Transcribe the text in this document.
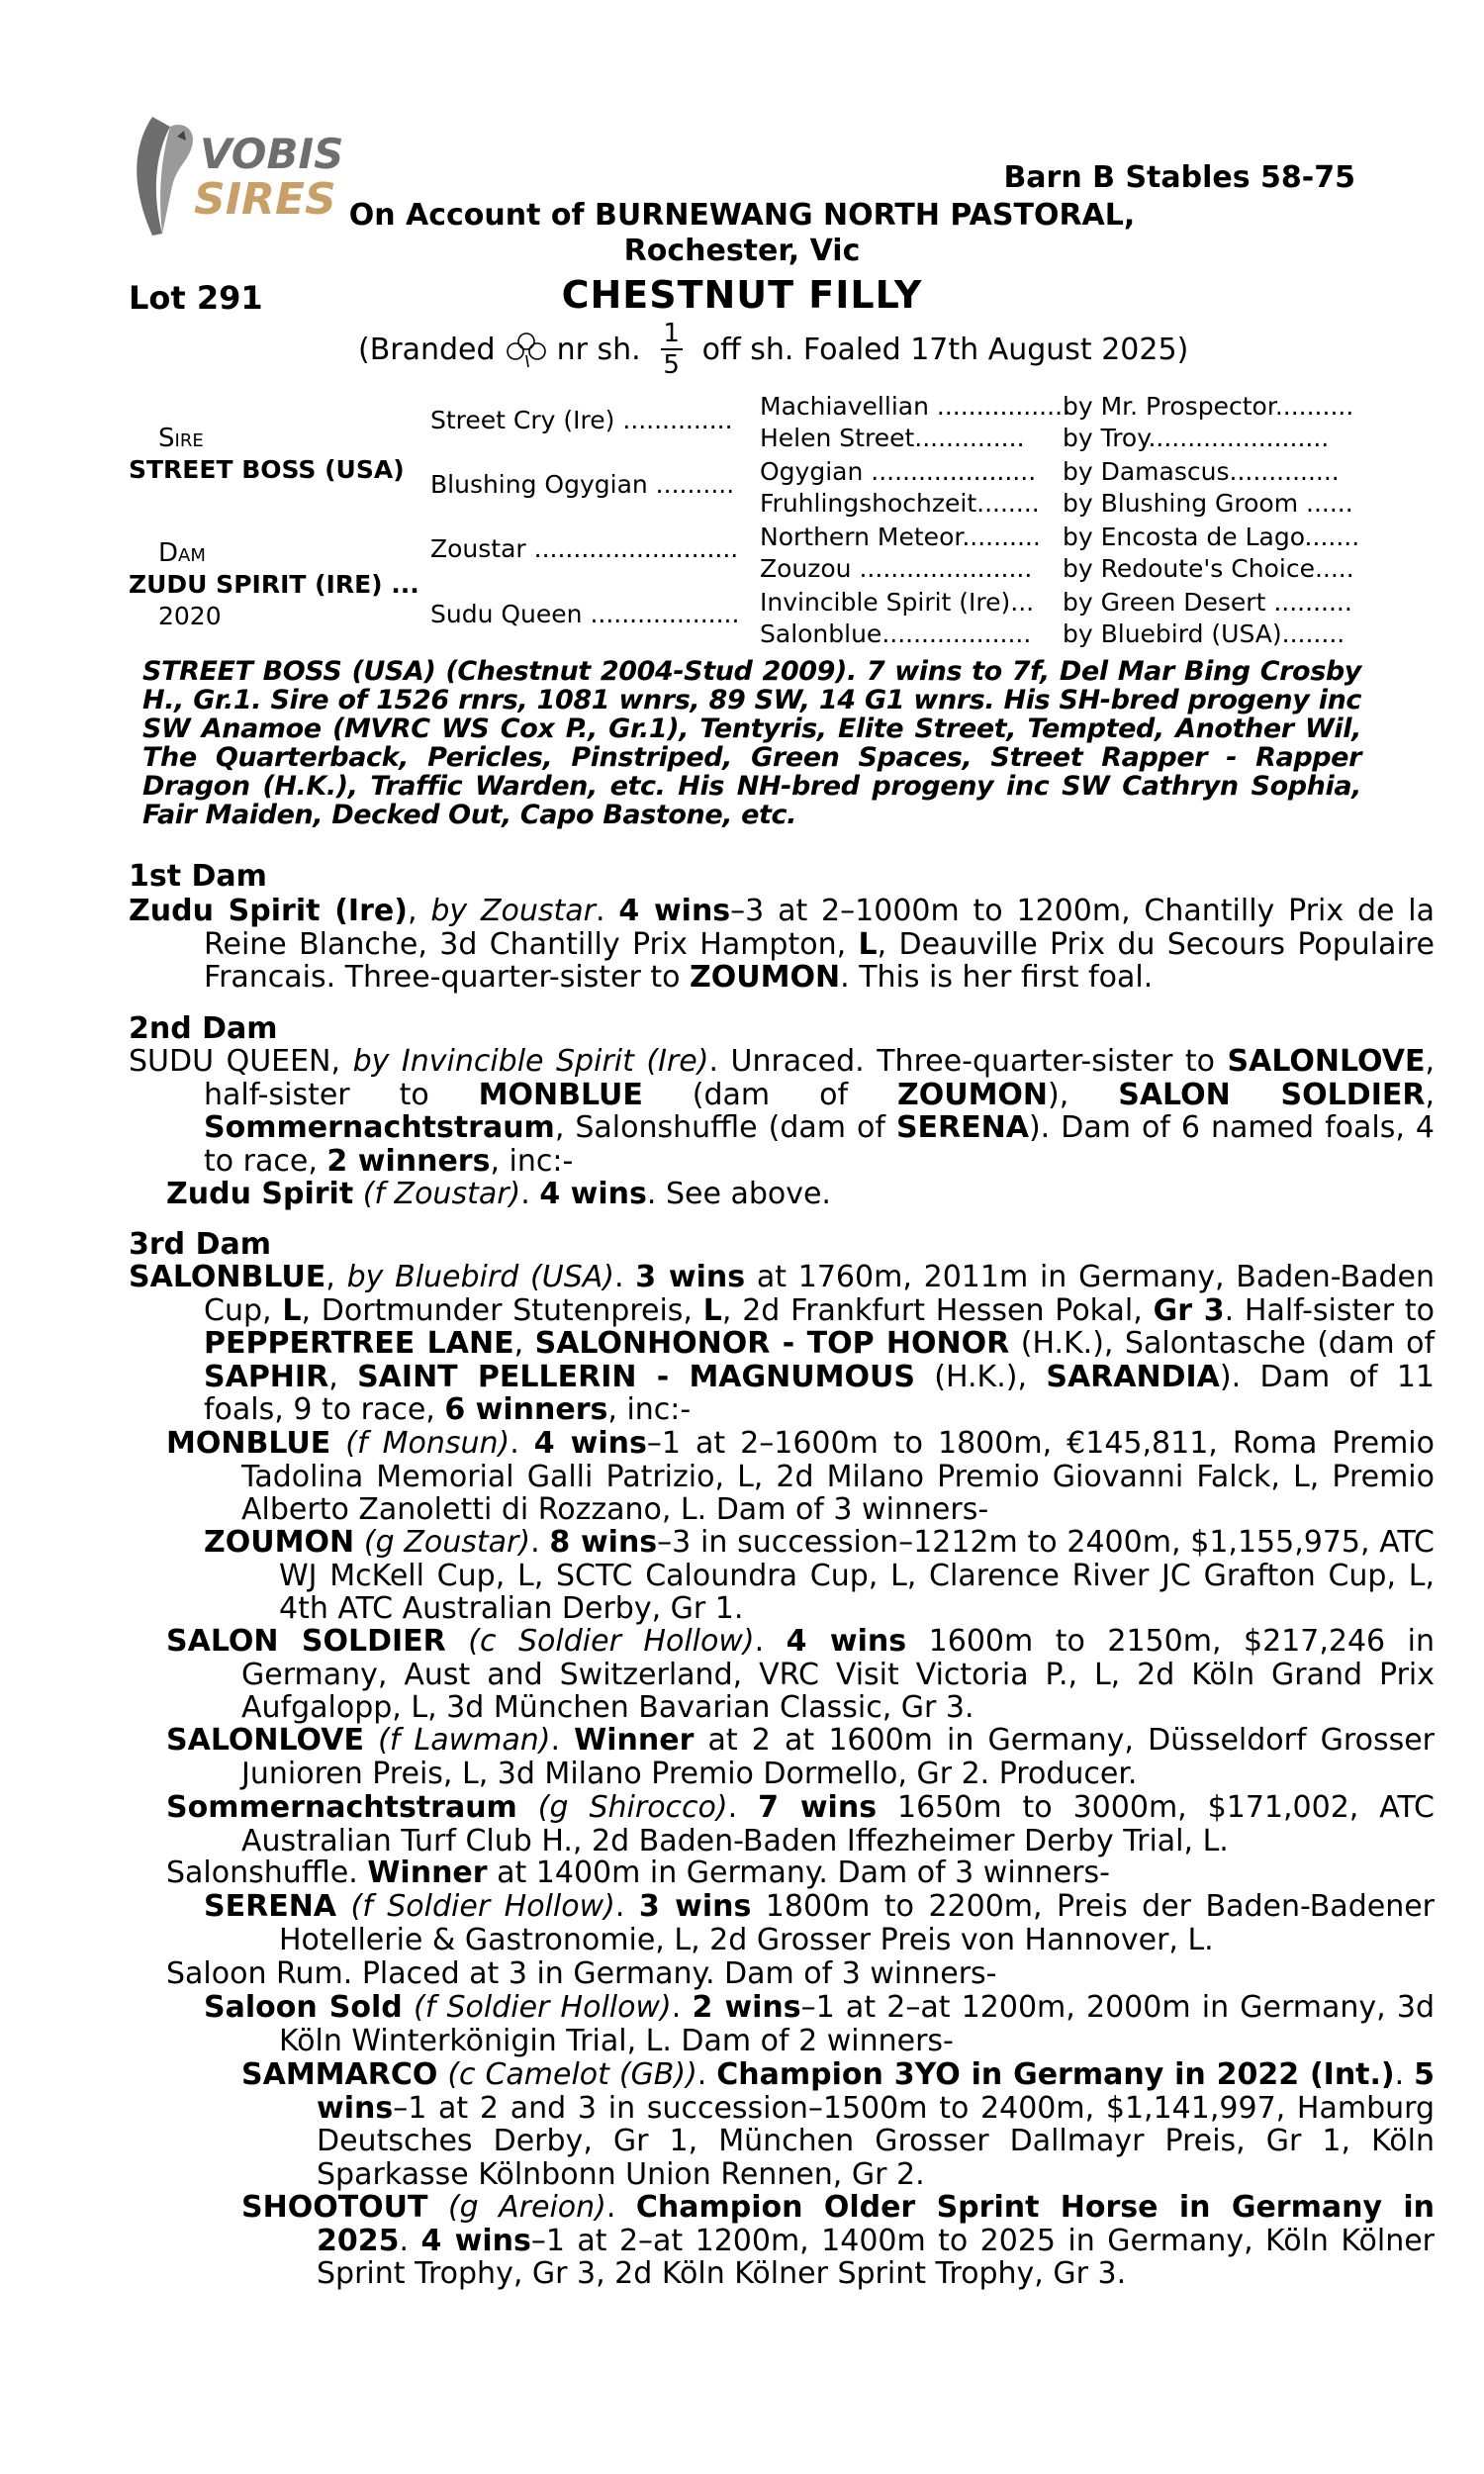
VOBIS
SIRES	Barn B Stables 58-75
On Account of BURNEWANG NORTH PASTORAL,
Rochester, Vic
Lot 291	CHESTNUT FILLY
(Branded nr sh. $\frac{1}{5}$ off sh. Foaled 17th August 2025)
Sire
STREET BOSS (USA)
Dam
ZUDU SPIRIT (IRE) ...
2020
Street Cry (Ire) ..............
Blushing Ogygian ..........
Zoustar ..........................
Sudu Queen ...................
Machiavellian .................
Helen Street..............
Ogygian .....................
Fruhlingshochzeit........
Northern Meteor..........
Zouzou ......................
Invincible Spirit (Ire)...
Salonblue...................
by Mr. Prospector..........
by Troy.......................
by Damascus..............
by Blushing Groom ......
by Encosta de Lago.......
by Redoute's Choice.....
by Green Desert ..........
by Bluebird (USA)........
STREET BOSS (USA) (Chestnut 2004-Stud 2009). 7 wins to 7f, Del Mar Bing Crosby H., Gr.1. Sire of 1526 rnrs, 1081 wnrs, 89 SW, 14 G1 wnrs. His SH-bred progeny inc SW Anamoe (MVRC WS Cox P., Gr.1), Tentyris, Elite Street, Tempted, Another Wil, The Quarterback, Pericles, Pinstriped, Green Spaces, Street Rapper - Rapper Dragon (H.K.), Traffic Warden, etc. His NH-bred progeny inc SW Cathryn Sophia, Fair Maiden, Decked Out, Capo Bastone, etc.
1st Dam
Zudu Spirit (Ire), by Zoustar. 4 wins–3 at 2–1000m to 1200m, Chantilly Prix de la Reine Blanche, 3d Chantilly Prix Hampton, L, Deauville Prix du Secours Populaire Francais. Three-quarter-sister to ZOUMON. This is her first foal.
2nd Dam
SUDU QUEEN, by Invincible Spirit (Ire). Unraced. Three-quarter-sister to SALONLOVE, half-sister to MONBLUE (dam of ZOUMON), SALON SOLDIER, Sommernachtstraum, Salonshuffle (dam of SERENA). Dam of 6 named foals, 4 to race, 2 winners, inc:-
Zudu Spirit (f Zoustar). 4 wins. See above.
3rd Dam
SALONBLUE, by Bluebird (USA). 3 wins at 1760m, 2011m in Germany, Baden-Baden Cup, L, Dortmunder Stutenpreis, L, 2d Frankfurt Hessen Pokal, Gr 3. Half-sister to PEPPERTREE LANE, SALONHONOR - TOP HONOR (H.K.), Salontasche (dam of SAPHIR, SAINT PELLERIN - MAGNUMOUS (H.K.), SARANDIA). Dam of 11 foals, 9 to race, 6 winners, inc:-
MONBLUE (f Monsun). 4 wins–1 at 2–1600m to 1800m, €145,811, Roma Premio Tadolina Memorial Galli Patrizio, L, 2d Milano Premio Giovanni Falck, L, Premio Alberto Zanoletti di Rozzano, L. Dam of 3 winners-
ZOUMON (g Zoustar). 8 wins–3 in succession–1212m to 2400m, $1,155,975, ATC WJ McKell Cup, L, SCTC Caloundra Cup, L, Clarence River JC Grafton Cup, L, 4th ATC Australian Derby, Gr 1.
SALON SOLDIER (c Soldier Hollow). 4 wins 1600m to 2150m, $217,246 in Germany, Aust and Switzerland, VRC Visit Victoria P., L, 2d Köln Grand Prix Aufgalopp, L, 3d München Bavarian Classic, Gr 3.
SALONLOVE (f Lawman). Winner at 2 at 1600m in Germany, Düsseldorf Grosser Junioren Preis, L, 3d Milano Premio Dormello, Gr 2. Producer.
Sommernachtstraum (g Shirocco). 7 wins 1650m to 3000m, $171,002, ATC Australian Turf Club H., 2d Baden-Baden Iffezheimer Derby Trial, L.
Salonshuffle. Winner at 1400m in Germany. Dam of 3 winners-
SERENA (f Soldier Hollow). 3 wins 1800m to 2200m, Preis der Baden-Badener Hotellerie & Gastronomie, L, 2d Grosser Preis von Hannover, L.
Saloon Rum. Placed at 3 in Germany. Dam of 3 winners-
Saloon Sold (f Soldier Hollow). 2 wins–1 at 2–at 1200m, 2000m in Germany, 3d Köln Winterkönigin Trial, L. Dam of 2 winners-
SAMMARCO (c Camelot (GB)). Champion 3YO in Germany in 2022 (Int.). 5 wins–1 at 2 and 3 in succession–1500m to 2400m, $1,141,997, Hamburg Deutsches Derby, Gr 1, München Grosser Dallmayr Preis, Gr 1, Köln Sparkasse Kölnbonn Union Rennen, Gr 2.
SHOOTOUT (g Areion). Champion Older Sprint Horse in Germany in 2025. 4 wins–1 at 2–at 1200m, 1400m to 2025 in Germany, Köln Kölner Sprint Trophy, Gr 3, 2d Köln Kölner Sprint Trophy, Gr 3.
